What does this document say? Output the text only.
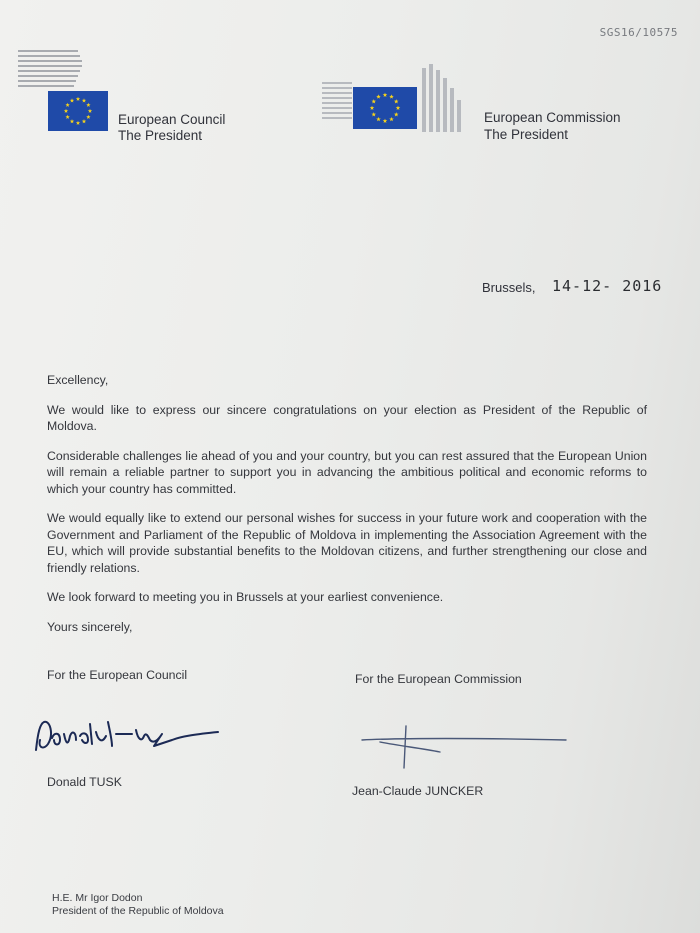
SGS16/10575
European Council
The President
European Commission
The President
Brussels, 14-12- 2016

Excellency,

We would like to express our sincere congratulations on your election as President of the Republic of Moldova.

Considerable challenges lie ahead of you and your country, but you can rest assured that the European Union will remain a reliable partner to support you in advancing the ambitious political and economic reforms to which your country has committed.

We would equally like to extend our personal wishes for success in your future work and cooperation with the Government and Parliament of the Republic of Moldova in implementing the Association Agreement with the EU, which will provide substantial benefits to the Moldovan citizens, and further strengthening our close and friendly relations.

We look forward to meeting you in Brussels at your earliest convenience.

Yours sincerely,

For the European Council	For the European Commission
Donald TUSK
Jean-Claude JUNCKER
H.E. Mr Igor Dodon
President of the Republic of Moldova
